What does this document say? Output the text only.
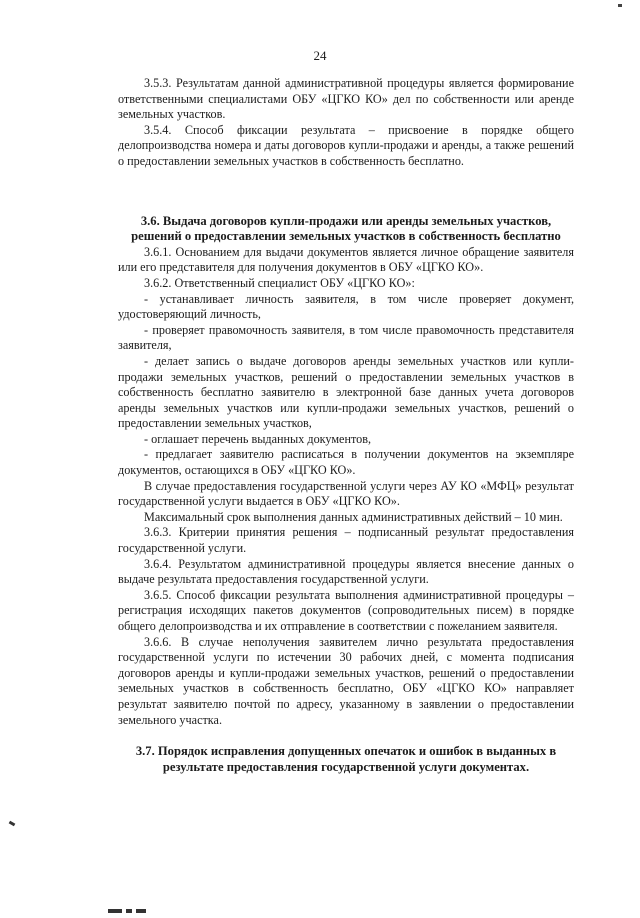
24

3.5.3. Результатам данной административной процедуры является формирование ответственными специалистами ОБУ «ЦГКО КО» дел по собственности или аренде земельных участков.

3.5.4. Способ фиксации результата – присвоение в порядке общего делопроизводства номера и даты договоров купли-продажи и аренды, а также решений о предоставлении земельных участков в собственность бесплатно.

3.6. Выдача договоров купли-продажи или аренды земельных участков, решений о предоставлении земельных участков в собственность бесплатно

3.6.1. Основанием для выдачи документов является личное обращение заявителя или его представителя для получения документов в ОБУ «ЦГКО КО».

3.6.2. Ответственный специалист ОБУ «ЦГКО КО»:

- устанавливает личность заявителя, в том числе проверяет документ, удостоверяющий личность,

- проверяет правомочность заявителя, в том числе правомочность представителя заявителя,

- делает запись о выдаче договоров аренды земельных участков или купли-продажи земельных участков, решений о предоставлении земельных участков в собственность бесплатно заявителю в электронной базе данных учета договоров аренды земельных участков или купли-продажи земельных участков, решений о предоставлении земельных участков,

- оглашает перечень выданных документов,

- предлагает заявителю расписаться в получении документов на экземпляре документов, остающихся в ОБУ «ЦГКО КО».

В случае предоставления государственной услуги через АУ КО «МФЦ» результат государственной услуги выдается в ОБУ «ЦГКО КО».

Максимальный срок выполнения данных административных действий – 10 мин.

3.6.3. Критерии принятия решения – подписанный результат предоставления государственной услуги.

3.6.4. Результатом административной процедуры является внесение данных о выдаче результата предоставления государственной услуги.

3.6.5. Способ фиксации результата выполнения административной процедуры – регистрация исходящих пакетов документов (сопроводительных писем) в порядке общего делопроизводства и их отправление в соответствии с пожеланием заявителя.

3.6.6. В случае неполучения заявителем лично результата предоставления государственной услуги по истечении 30 рабочих дней, с момента подписания договоров аренды и купли-продажи земельных участков, решений о предоставлении земельных участков в собственность бесплатно, ОБУ «ЦГКО КО» направляет результат заявителю почтой по адресу, указанному в заявлении о предоставлении земельного участка.

3.7. Порядок исправления допущенных опечаток и ошибок в выданных в результате предоставления государственной услуги документах.
